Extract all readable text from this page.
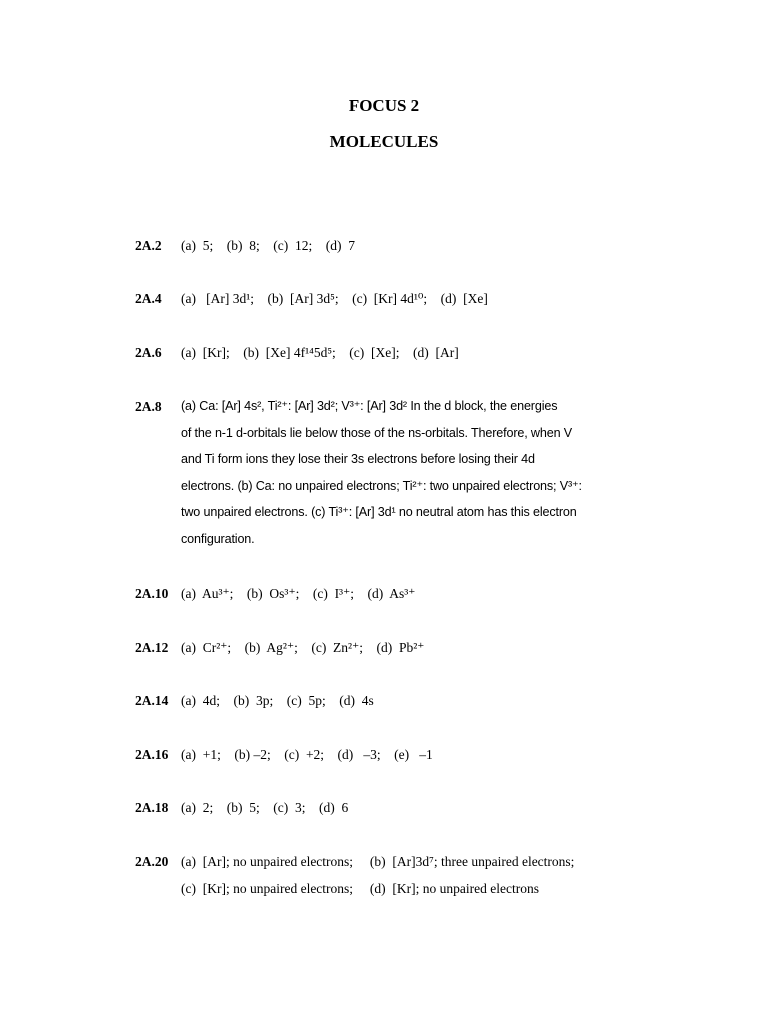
FOCUS 2
MOLECULES
2A.2 (a)  5;    (b)  8;    (c)  12;    (d)  7
2A.4 (a)   [Ar] 3d¹;    (b)  [Ar] 3d⁵;    (c)  [Kr] 4d¹⁰;    (d)  [Xe]
2A.6 (a)  [Kr];    (b)  [Xe] 4f¹⁴5d⁵;    (c)  [Xe];    (d)  [Ar]
2A.8 (a) Ca: [Ar] 4s², Ti²⁺: [Ar] 3d²; V³⁺: [Ar] 3d² In the d block, the energies
of the n-1 d-orbitals lie below those of the ns-orbitals. Therefore, when V
and Ti form ions they lose their 3s electrons before losing their 4d
electrons. (b) Ca: no unpaired electrons; Ti²⁺: two unpaired electrons; V³⁺:
two unpaired electrons. (c) Ti³⁺: [Ar] 3d¹ no neutral atom has this electron
configuration.
2A.10 (a)  Au³⁺;    (b)  Os³⁺;    (c)  I³⁺;    (d)  As³⁺
2A.12 (a)  Cr²⁺;    (b)  Ag²⁺;    (c)  Zn²⁺;    (d)  Pb²⁺
2A.14 (a)  4d;    (b)  3p;    (c)  5p;    (d)  4s
2A.16 (a)  +1;    (b) –2;    (c)  +2;    (d)   –3;    (e)   –1
2A.18 (a)  2;    (b)  5;    (c)  3;    (d)  6
2A.20 (a)  [Ar]; no unpaired electrons;     (b)  [Ar]3d⁷; three unpaired electrons;
(c)  [Kr]; no unpaired electrons;     (d)  [Kr]; no unpaired electrons
